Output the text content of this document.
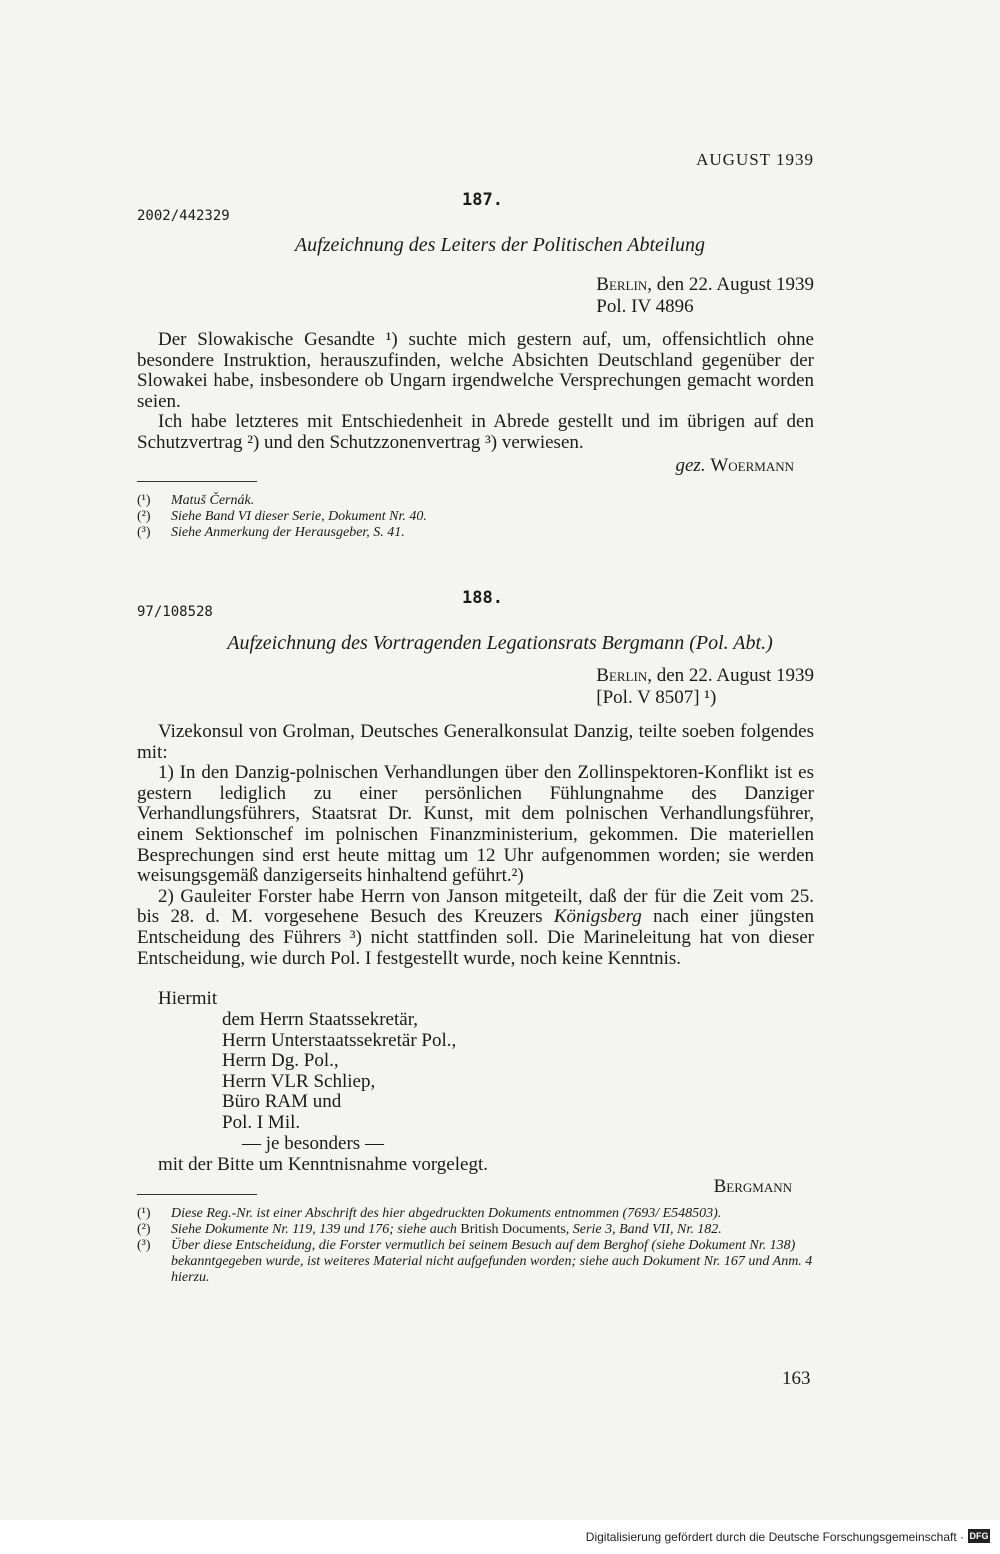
AUGUST 1939
187.
2002/442329
Aufzeichnung des Leiters der Politischen Abteilung
Berlin, den 22. August 1939
Pol. IV 4896

Der Slowakische Gesandte ¹) suchte mich gestern auf, um, offensichtlich ohne besondere Instruktion, herauszufinden, welche Absichten Deutschland gegenüber der Slowakei habe, insbesondere ob Ungarn irgendwelche Versprechungen gemacht worden seien.

Ich habe letzteres mit Entschiedenheit in Abrede gestellt und im übrigen auf den Schutzvertrag ²) und den Schutzzonenvertrag ³) verwiesen.

gez. Woermann
(¹)	Matuš Černák.
(²)	Siehe Band VI dieser Serie, Dokument Nr. 40.
(³)	Siehe Anmerkung der Herausgeber, S. 41.
188.
97/108528
Aufzeichnung des Vortragenden Legationsrats Bergmann (Pol. Abt.)
Berlin, den 22. August 1939
[Pol. V 8507] ¹)

Vizekonsul von Grolman, Deutsches Generalkonsulat Danzig, teilte soeben folgendes mit:

1) In den Danzig-polnischen Verhandlungen über den Zollinspektoren-Konflikt ist es gestern lediglich zu einer persönlichen Fühlungnahme des Danziger Verhandlungsführers, Staatsrat Dr. Kunst, mit dem polnischen Verhandlungsführer, einem Sektionschef im polnischen Finanzministerium, gekommen. Die materiellen Besprechungen sind erst heute mittag um 12 Uhr aufgenommen worden; sie werden weisungsgemäß danzigerseits hinhaltend geführt.²)

2) Gauleiter Forster habe Herrn von Janson mitgeteilt, daß der für die Zeit vom 25. bis 28. d. M. vorgesehene Besuch des Kreuzers Königsberg nach einer jüngsten Entscheidung des Führers ³) nicht stattfinden soll. Die Marineleitung hat von dieser Entscheidung, wie durch Pol. I festgestellt wurde, noch keine Kenntnis.

Hiermit
dem Herrn Staatssekretär,
Herrn Unterstaatssekretär Pol.,
Herrn Dg. Pol.,
Herrn VLR Schliep,
Büro RAM und
Pol. I Mil.
— je besonders —
mit der Bitte um Kenntnisnahme vorgelegt.
Bergmann
(¹)	Diese Reg.-Nr. ist einer Abschrift des hier abgedruckten Dokuments entnommen (7693/ E548503).
(²)	Siehe Dokumente Nr. 119, 139 und 176; siehe auch British Documents, Serie 3, Band VII, Nr. 182.
(³)	Über diese Entscheidung, die Forster vermutlich bei seinem Besuch auf dem Berghof (siehe Dokument Nr. 138) bekanntgegeben wurde, ist weiteres Material nicht aufgefunden worden; siehe auch Dokument Nr. 167 und Anm. 4 hierzu.
163
Digitalisierung gefördert durch die Deutsche Forschungsgemeinschaft · DFG
